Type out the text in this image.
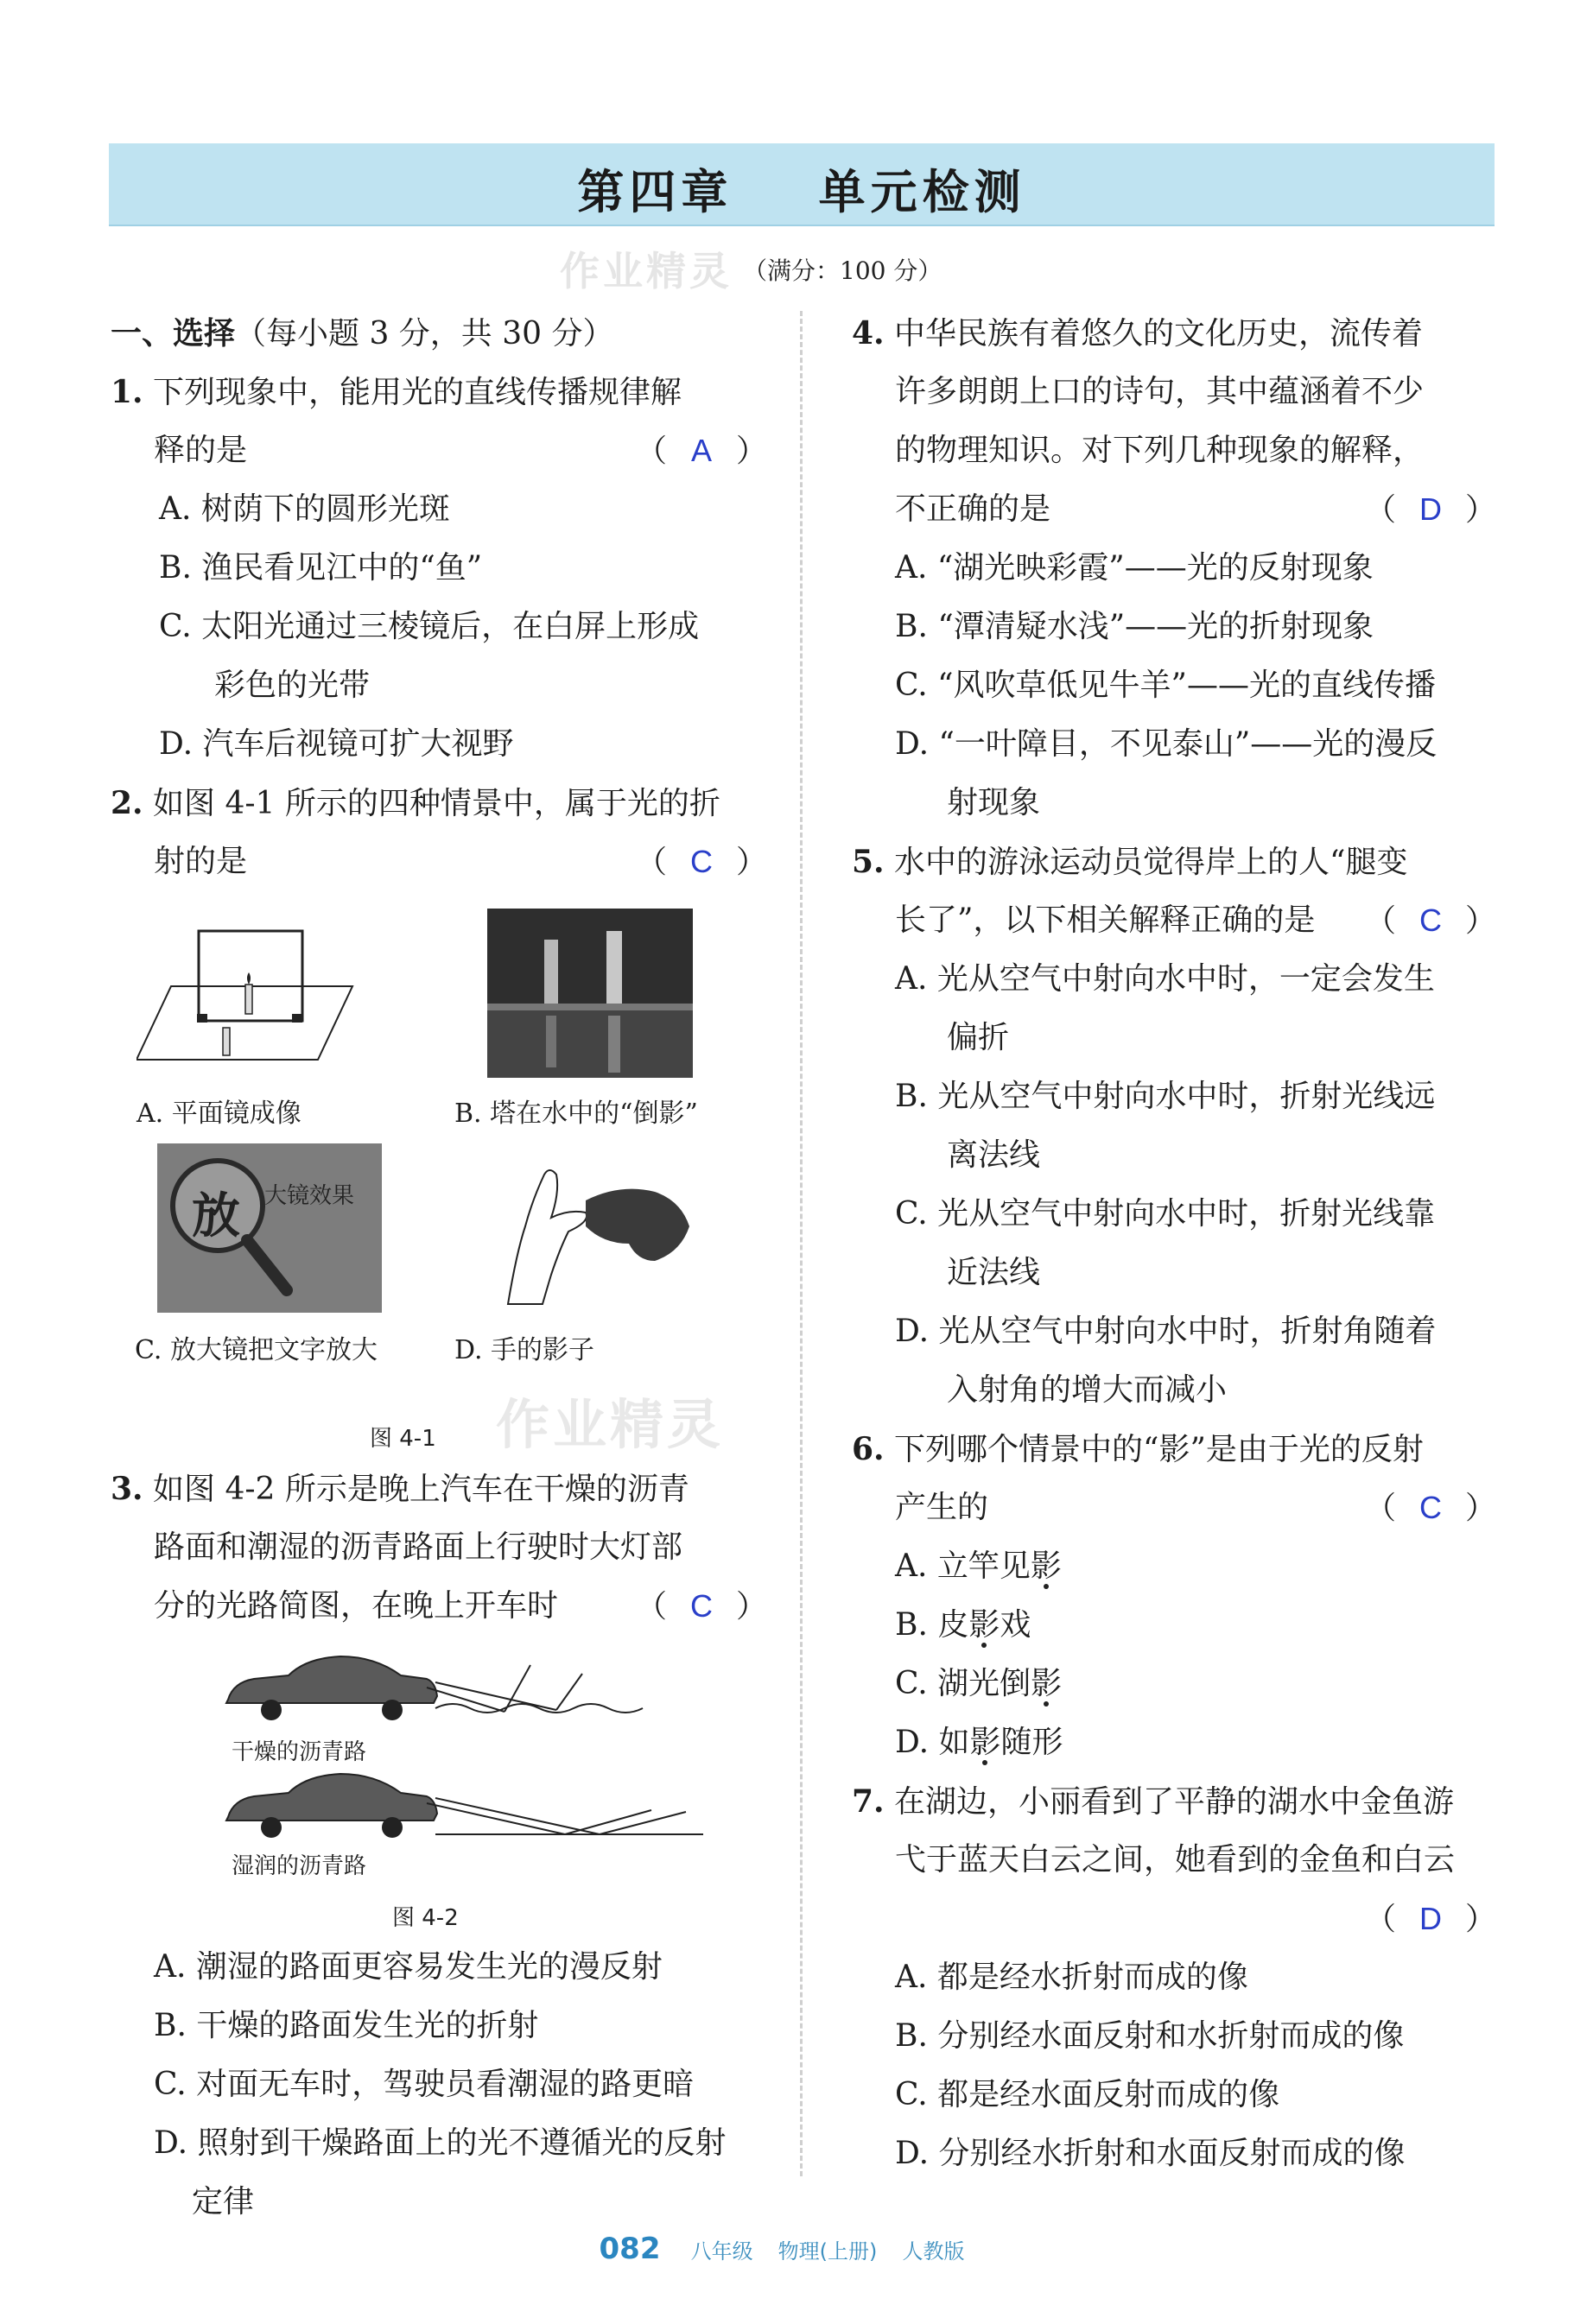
第四章    单元检测
（满分：100 分）
作业精灵
作业精灵
一、选择（每小题 3 分，共 30 分）
1. 下列现象中，能用光的直线传播规律解
释的是	（ A ）
A. 树荫下的圆形光斑
B. 渔民看见江中的“鱼”
C. 太阳光通过三棱镜后，在白屏上形成
彩色的光带
D. 汽车后视镜可扩大视野
2. 如图 4-1 所示的四种情景中，属于光的折
射的是	（ C ）
A. 平面镜成像	B. 塔在水中的“倒影”
放 大镜效果
C. 放大镜把文字放大	D. 手的影子
图 4-1
3. 如图 4-2 所示是晚上汽车在干燥的沥青
路面和潮湿的沥青路面上行驶时大灯部
分的光路简图，在晚上开车时 （ C ）
干燥的沥青路
湿润的沥青路
图 4-2
A. 潮湿的路面更容易发生光的漫反射
B. 干燥的路面发生光的折射
C. 对面无车时，驾驶员看潮湿的路更暗
D. 照射到干燥路面上的光不遵循光的反射
定律
4. 中华民族有着悠久的文化历史，流传着
许多朗朗上口的诗句，其中蕴涵着不少
的物理知识。对下列几种现象的解释，
不正确的是	（ D ）
A. “湖光映彩霞”——光的反射现象
B. “潭清疑水浅”——光的折射现象
C. “风吹草低见牛羊”——光的直线传播
D. “一叶障目，不见泰山”——光的漫反
射现象
5. 水中的游泳运动员觉得岸上的人“腿变
长了”，以下相关解释正确的是 （ C ）
A. 光从空气中射向水中时，一定会发生
偏折
B. 光从空气中射向水中时，折射光线远
离法线
C. 光从空气中射向水中时，折射光线靠
近法线
D. 光从空气中射向水中时，折射角随着
入射角的增大而减小
6. 下列哪个情景中的“影”是由于光的反射
产生的	（ C ）
A. 立竿见影
B. 皮影戏
C. 湖光倒影
D. 如影随形
7. 在湖边，小丽看到了平静的湖水中金鱼游
弋于蓝天白云之间，她看到的金鱼和白云
（ D ）
A. 都是经水折射而成的像
B. 分别经水面反射和水折射而成的像
C. 都是经水面反射而成的像
D. 分别经水折射和水面反射而成的像
082 八年级 物理(上册) 人教版
